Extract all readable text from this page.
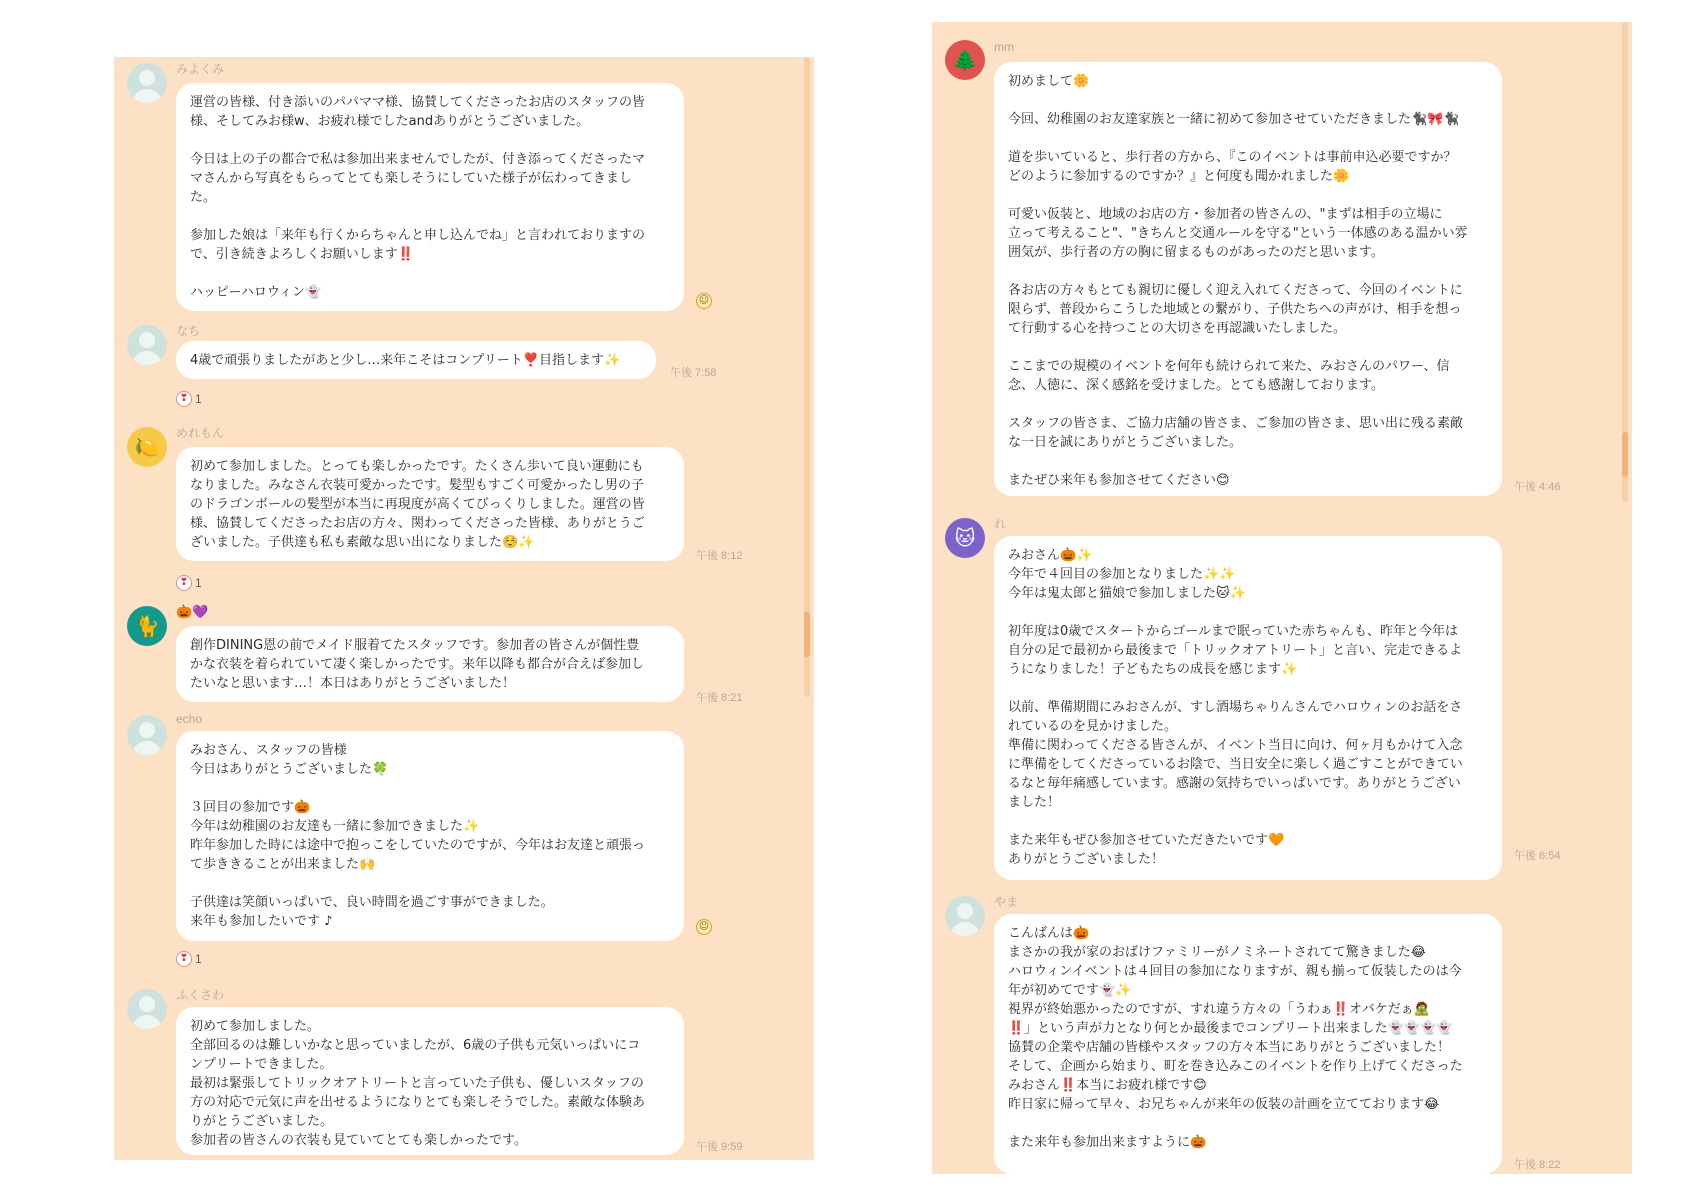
みよくみ
運営の皆様、付き添いのパパママ様、協賛してくださったお店のスタッフの皆
様、そしてみお様w、お疲れ様でしたandありがとうございました。

今日は上の子の都合で私は参加出来ませんでしたが、付き添ってくださったマ
マさんから写真をもらってとても楽しそうにしていた様子が伝わってきまし
た。

参加した娘は「来年も行くからちゃんと申し込んでね」と言われておりますの
で、引き続きよろしくお願いします‼️

ハッピーハロウィン👻
☺
なち
4歳で頑張りましたがあと少し…来年こそはコンプリート❣️目指します✨
午後 7:58
❣ 1
🍋
めれもん
初めて参加しました。とっても楽しかったです。たくさん歩いて良い運動にも
なりました。みなさん衣装可愛かったです。髪型もすごく可愛かったし男の子
のドラゴンボールの髪型が本当に再現度が高くてびっくりしました。運営の皆
様、協賛してくださったお店の方々、関わってくださった皆様、ありがとうご
ざいました。子供達も私も素敵な思い出になりました☺️✨
午後 8:12
❣ 1
🐈
🎃💜
創作DINING恩の前でメイド服着てたスタッフです。参加者の皆さんが個性豊
かな衣装を着られていて凄く楽しかったです。来年以降も都合が合えば参加し
たいなと思います…！本日はありがとうございました！
午後 8:21
echo
みおさん、スタッフの皆様
今日はありがとうございました🍀

３回目の参加です🎃
今年は幼稚園のお友達も一緒に参加できました✨
昨年参加した時には途中で抱っこをしていたのですが、今年はお友達と頑張っ
て歩ききることが出来ました🙌

子供達は笑顔いっぱいで、良い時間を過ごす事ができました。
来年も参加したいです ♪	☺
❣ 1
ふくさわ
初めて参加しました。
全部回るのは難しいかなと思っていましたが、6歳の子供も元気いっぱいにコ
ンプリートできました。
最初は緊張してトリックオアトリートと言っていた子供も、優しいスタッフの
方の対応で元気に声を出せるようになりとても楽しそうでした。素敵な体験あ
りがとうございました。
参加者の皆さんの衣装も見ていてとても楽しかったです。	午後 9:59
🌲
mm
初めまして🌼

今回、幼稚園のお友達家族と一緒に初めて参加させていただきました🐈‍⬛🎀🐈‍⬛

道を歩いていると、歩行者の方から、『このイベントは事前申込必要ですか？
どのように参加するのですか？』と何度も聞かれました🌼

可愛い仮装と、地域のお店の方・参加者の皆さんの、"まずは相手の立場に
立って考えること"、"きちんと交通ルールを守る"という一体感のある温かい雰
囲気が、歩行者の方の胸に留まるものがあったのだと思います。

各お店の方々もとても親切に優しく迎え入れてくださって、今回のイベントに
限らず、普段からこうした地域との繋がり、子供たちへの声がけ、相手を想っ
て行動する心を持つことの大切さを再認識いたしました。

ここまでの規模のイベントを何年も続けられて来た、みおさんのパワー、信
念、人徳に、深く感銘を受けました。とても感謝しております。

スタッフの皆さま、ご協力店舗の皆さま、ご参加の皆さま、思い出に残る素敵
な一日を誠にありがとうございました。

またぜひ来年も参加させてください😊	午後 4:46
🐱
れ
みおさん🎃✨
今年で４回目の参加となりました✨✨
今年は鬼太郎と猫娘で参加しました🐱✨

初年度は0歳でスタートからゴールまで眠っていた赤ちゃんも、昨年と今年は
自分の足で最初から最後まで「トリックオアトリート」と言い、完走できるよ
うになりました！子どもたちの成長を感じます✨

以前、準備期間にみおさんが、すし酒場ちゃりんさんでハロウィンのお話をさ
れているのを見かけました。
準備に関わってくださる皆さんが、イベント当日に向け、何ヶ月もかけて入念
に準備をしてくださっているお陰で、当日安全に楽しく過ごすことができてい
るなと毎年痛感しています。感謝の気持ちでいっぱいです。ありがとうござい
ました！

また来年もぜひ参加させていただきたいです🧡
ありがとうございました！	午後 6:54
やま
こんばんは🎃
まさかの我が家のおばけファミリーがノミネートされてて驚きました😂
ハロウィンイベントは４回目の参加になりますが、親も揃って仮装したのは今
年が初めてです👻✨
視界が終始悪かったのですが、すれ違う方々の「うわぁ‼️オバケだぁ🧟
‼️」という声が力となり何とか最後までコンプリート出来ました👻👻👻👻
協賛の企業や店舗の皆様やスタッフの方々本当にありがとうございました！
そして、企画から始まり、町を巻き込みこのイベントを作り上げてくださった
みおさん‼️本当にお疲れ様です😊
昨日家に帰って早々、お兄ちゃんが来年の仮装の計画を立てております😂

また来年も参加出来ますように🎃
午後 8:22
